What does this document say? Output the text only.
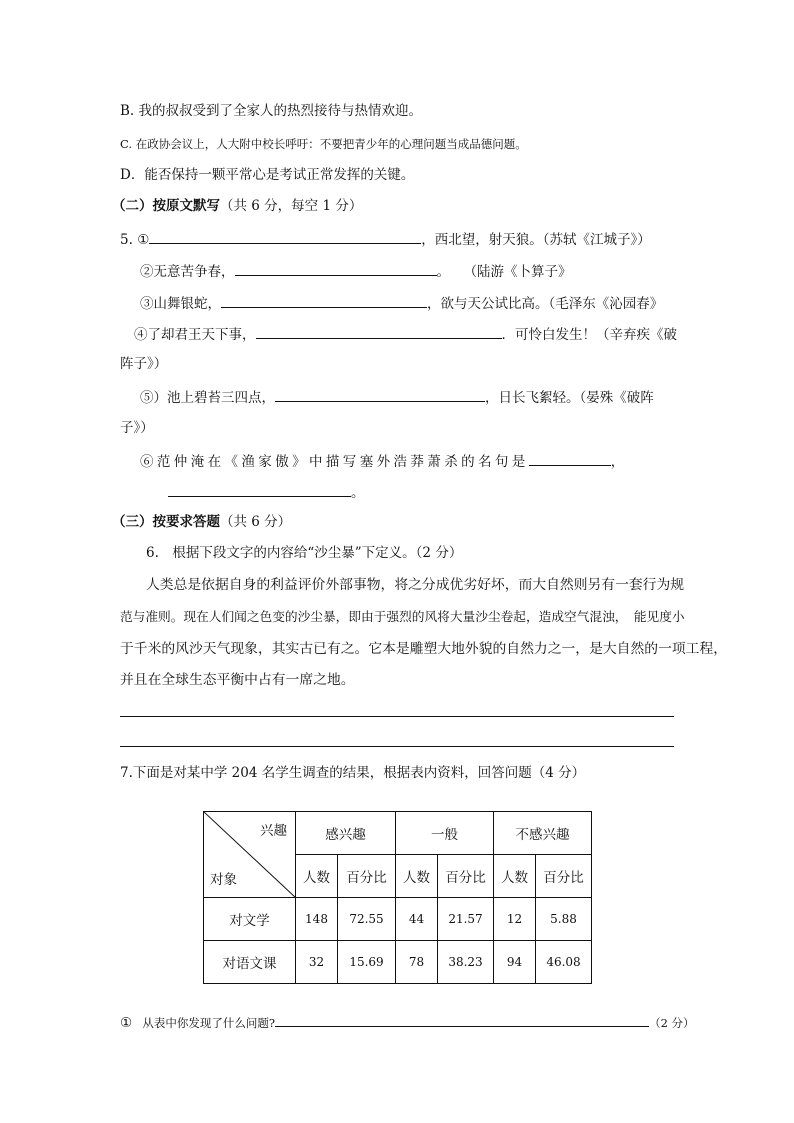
B. 我的叔叔受到了全家人的热烈接待与热情欢迎。
C. 在政协会议上，人大附中校长呼吁：不要把青少年的心理问题当成品德问题。
D．能否保持一颗平常心是考试正常发挥的关键。
（二）按原文默写（共 6 分，每空 1 分）
5. ①	，西北望，射天狼。（苏轼《江城子》）
②无意苦争春，	。　　（陆游《卜算子》
③山舞银蛇，	，欲与天公试比高。（毛泽东《沁园春》
④了却君王天下事，	．可怜白发生！（辛弃疾《破
阵子》）
⑤）池上碧苔三四点，	，日长飞絮轻。（晏殊《破阵
子》）
⑥范仲淹在《渔家傲》中描写塞外浩莽萧杀的名句是	，
。
（三）按要求答题（共 6 分）
6.　根据下段文字的内容给“沙尘暴”下定义。（2 分）
人类总是依据自身的利益评价外部事物，将之分成优劣好坏，而大自然则另有一套行为规
范与准则。现在人们闻之色变的沙尘暴，即由于强烈的风将大量沙尘卷起，造成空气混浊，　能见度小
于千米的风沙天气现象，其实古已有之。它本是雕塑大地外貌的自然力之一，是大自然的一项工程，
并且在全球生态平衡中占有一席之地。
7.下面是对某中学 204 名学生调查的结果，根据表内资料，回答问题（4 分）
兴趣
对象	感兴趣		一般		不感兴趣	
	人数	百分比	人数	百分比	人数	百分比
对文学	148	72.55	44	21.57	12	5.88
对语文课	32	15.69	78	38.23	94	46.08
① 从表中你发现了什么问题?	（2 分）
